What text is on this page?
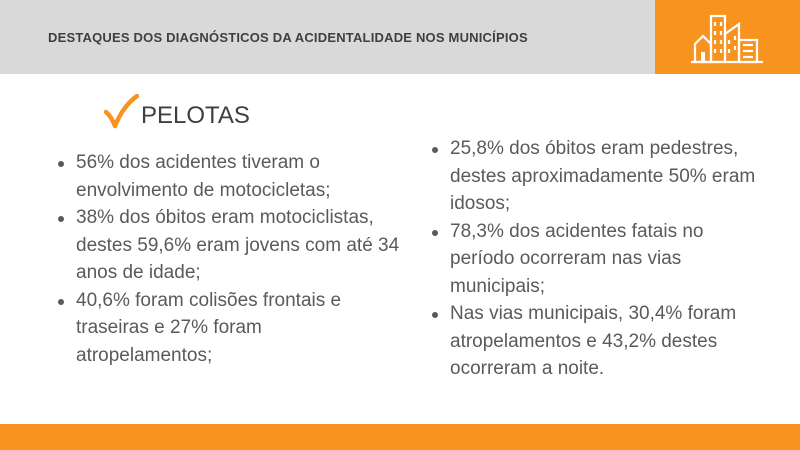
DESTAQUES DOS DIAGNÓSTICOS DA ACIDENTALIDADE NOS MUNICÍPIOS
PELOTAS
56% dos acidentes tiveram o envolvimento de motocicletas;
38% dos óbitos eram motociclistas, destes 59,6% eram jovens com até 34 anos de idade;
40,6% foram colisões frontais e traseiras e 27% foram atropelamentos;
25,8% dos óbitos eram pedestres, destes aproximadamente 50% eram idosos;
78,3% dos acidentes fatais no período ocorreram nas vias municipais;
Nas vias municipais, 30,4% foram atropelamentos e 43,2% destes ocorreram a noite.
